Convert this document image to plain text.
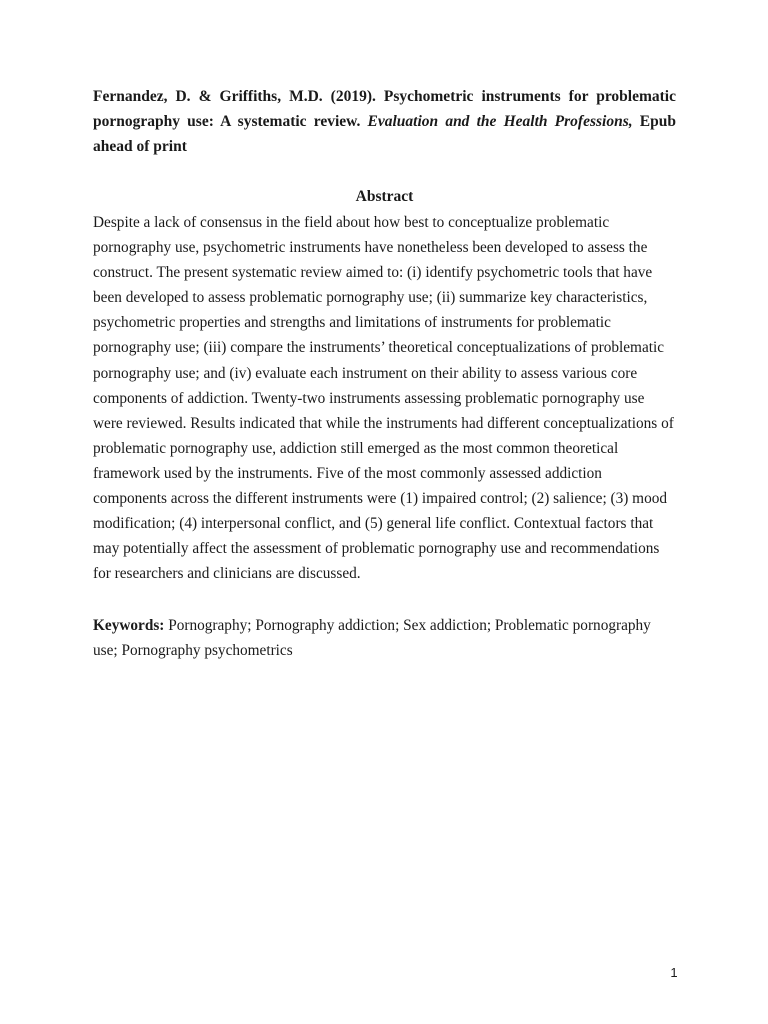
Fernandez, D. & Griffiths, M.D. (2019). Psychometric instruments for problematic pornography use: A systematic review. Evaluation and the Health Professions, Epub ahead of print
Abstract
Despite a lack of consensus in the field about how best to conceptualize problematic pornography use, psychometric instruments have nonetheless been developed to assess the construct. The present systematic review aimed to: (i) identify psychometric tools that have been developed to assess problematic pornography use; (ii) summarize key characteristics, psychometric properties and strengths and limitations of instruments for problematic pornography use; (iii) compare the instruments’ theoretical conceptualizations of problematic pornography use; and (iv) evaluate each instrument on their ability to assess various core components of addiction. Twenty-two instruments assessing problematic pornography use were reviewed. Results indicated that while the instruments had different conceptualizations of problematic pornography use, addiction still emerged as the most common theoretical framework used by the instruments. Five of the most commonly assessed addiction components across the different instruments were (1) impaired control; (2) salience; (3) mood modification; (4) interpersonal conflict, and (5) general life conflict. Contextual factors that may potentially affect the assessment of problematic pornography use and recommendations for researchers and clinicians are discussed.
Keywords: Pornography; Pornography addiction; Sex addiction; Problematic pornography use; Pornography psychometrics
1
